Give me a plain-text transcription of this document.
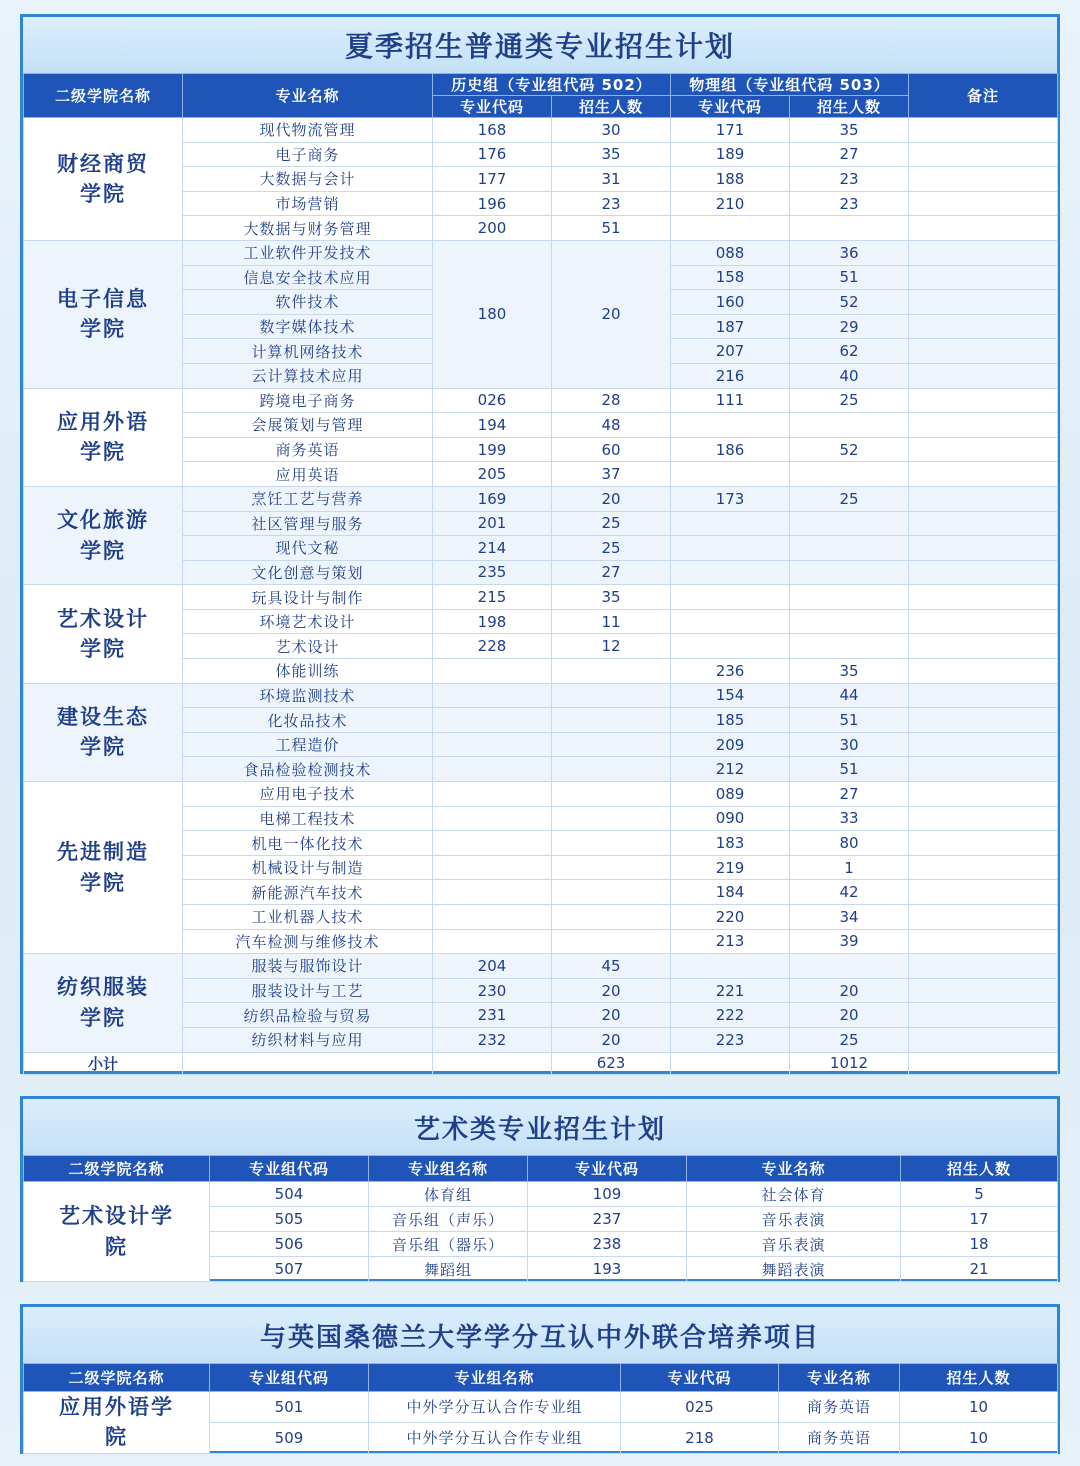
夏季招生普通类专业招生计划
二级学院名称	专业名称	历史组（专业组代码 502）		物理组（专业组代码 503）		备注
		专业代码	招生人数	专业代码	招生人数	
财经商贸学院	现代物流管理	168	30	171	35	
	电子商务	176	35	189	27	
	大数据与会计	177	31	188	23	
	市场营销	196	23	210	23	
	大数据与财务管理	200	51			
电子信息学院	工业软件开发技术	180	20	088	36	
	信息安全技术应用			158	51	
	软件技术			160	52	
	数字媒体技术			187	29	
	计算机网络技术			207	62	
	云计算技术应用			216	40	
应用外语学院	跨境电子商务	026	28	111	25	
	会展策划与管理	194	48			
	商务英语	199	60	186	52	
	应用英语	205	37			
文化旅游学院	烹饪工艺与营养	169	20	173	25	
	社区管理与服务	201	25			
	现代文秘	214	25			
	文化创意与策划	235	27			
艺术设计学院	玩具设计与制作	215	35			
	环境艺术设计	198	11			
	艺术设计	228	12			
	体能训练			236	35	
建设生态学院	环境监测技术			154	44	
	化妆品技术			185	51	
	工程造价			209	30	
	食品检验检测技术			212	51	
先进制造学院	应用电子技术			089	27	
	电梯工程技术			090	33	
	机电一体化技术			183	80	
	机械设计与制造			219	1	
	新能源汽车技术			184	42	
	工业机器人技术			220	34	
	汽车检测与维修技术			213	39	
纺织服装学院	服装与服饰设计	204	45			
	服装设计与工艺	230	20	221	20	
	纺织品检验与贸易	231	20	222	20	
	纺织材料与应用	232	20	223	25	
小计			623		1012	
艺术类专业招生计划
二级学院名称	专业组代码	专业组名称	专业代码	专业名称	招生人数
艺术设计学院	504	体育组	109	社会体育	5
	505	音乐组（声乐）	237	音乐表演	17
	506	音乐组（器乐）	238	音乐表演	18
	507	舞蹈组	193	舞蹈表演	21
与英国桑德兰大学学分互认中外联合培养项目
二级学院名称	专业组代码	专业组名称	专业代码	专业名称	招生人数
应用外语学院	501	中外学分互认合作专业组	025	商务英语	10
	509	中外学分互认合作专业组	218	商务英语	10
